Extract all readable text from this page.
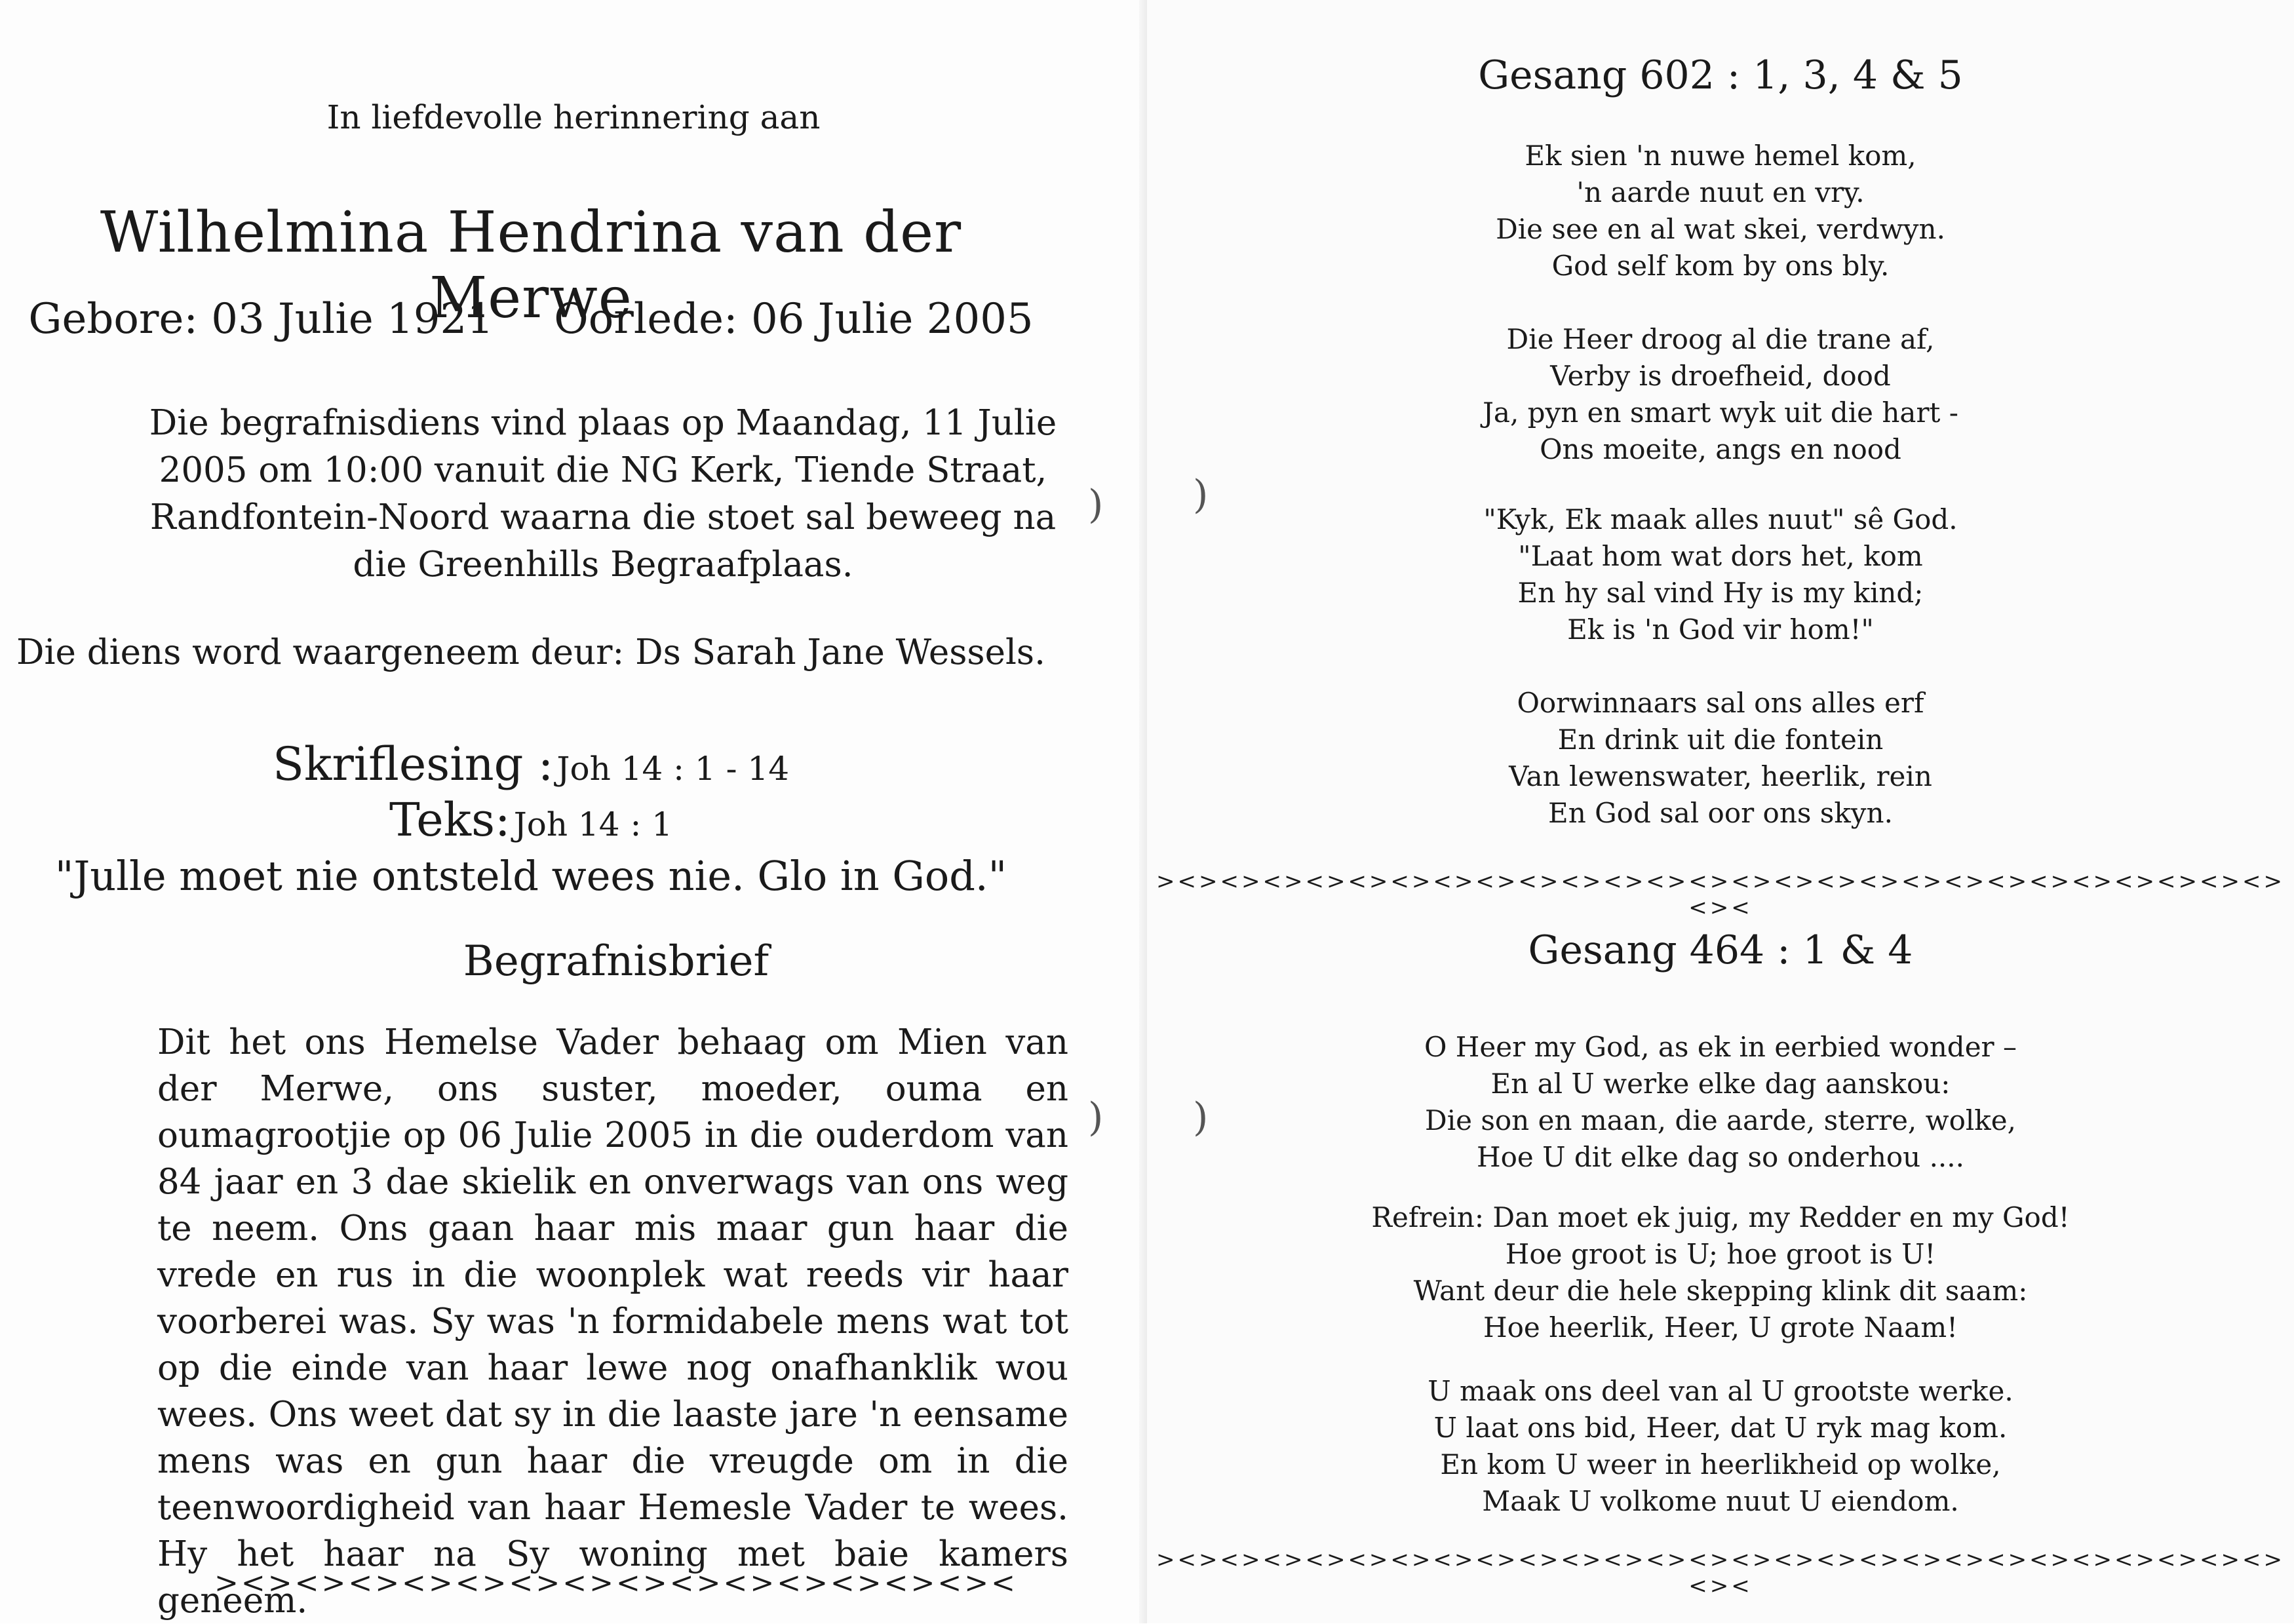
In liefdevolle herinnering aan
Wilhelmina Hendrina van der Merwe
Gebore: 03 Julie 1921 Oorlede: 06 Julie 2005
Die begrafnisdiens vind plaas op Maandag, 11 Julie 2005 om 10:00 vanuit die NG Kerk, Tiende Straat, Randfontein-Noord waarna die stoet sal beweeg na die Greenhills Begraafplaas.
Die diens word waargeneem deur: Ds Sarah Jane Wessels.
Skriflesing : Joh 14 : 1 - 14
Teks: Joh 14 : 1
"Julle moet nie ontsteld wees nie. Glo in God."
Begrafnisbrief
Dit het ons Hemelse Vader behaag om Mien van der Merwe, ons suster, moeder, ouma en oumagrootjie op 06 Julie 2005 in die ouderdom van 84 jaar en 3 dae skielik en onverwags van ons weg te neem. Ons gaan haar mis maar gun haar die vrede en rus in die woonplek wat reeds vir haar voorberei was. Sy was 'n formidabele mens wat tot op die einde van haar lewe nog onafhanklik wou wees. Ons weet dat sy in die laaste jare 'n eensame mens was en gun haar die vreugde om in die teenwoordigheid van haar Hemesle Vader te wees. Hy het haar na Sy woning met baie kamers geneem.
><><><><><><><><><><><><><><><
)
)
)
)
Gesang 602 : 1, 3, 4 & 5
Ek sien 'n nuwe hemel kom,
'n aarde nuut en vry.
Die see en al wat skei, verdwyn.
God self kom by ons bly.
Die Heer droog al die trane af,
Verby is droefheid, dood
Ja, pyn en smart wyk uit die hart -
Ons moeite, angs en nood
"Kyk, Ek maak alles nuut" sê God.
"Laat hom wat dors het, kom
En hy sal vind Hy is my kind;
Ek is 'n God vir hom!"
Oorwinnaars sal ons alles erf
En drink uit die fontein
Van lewenswater, heerlik, rein
En God sal oor ons skyn.
><><><><><><><><><><><><><><><><><><><><><><><><><><><><
Gesang 464 : 1 & 4
O Heer my God, as ek in eerbied wonder –
En al U werke elke dag aanskou:
Die son en maan, die aarde, sterre, wolke,
Hoe U dit elke dag so onderhou ....
Refrein: Dan moet ek juig, my Redder en my God!
Hoe groot is U; hoe groot is U!
Want deur die hele skepping klink dit saam:
Hoe heerlik, Heer, U grote Naam!
U maak ons deel van al U grootste werke.
U laat ons bid, Heer, dat U ryk mag kom.
En kom U weer in heerlikheid op wolke,
Maak U volkome nuut U eiendom.
><><><><><><><><><><><><><><><><><><><><><><><><><><><><
